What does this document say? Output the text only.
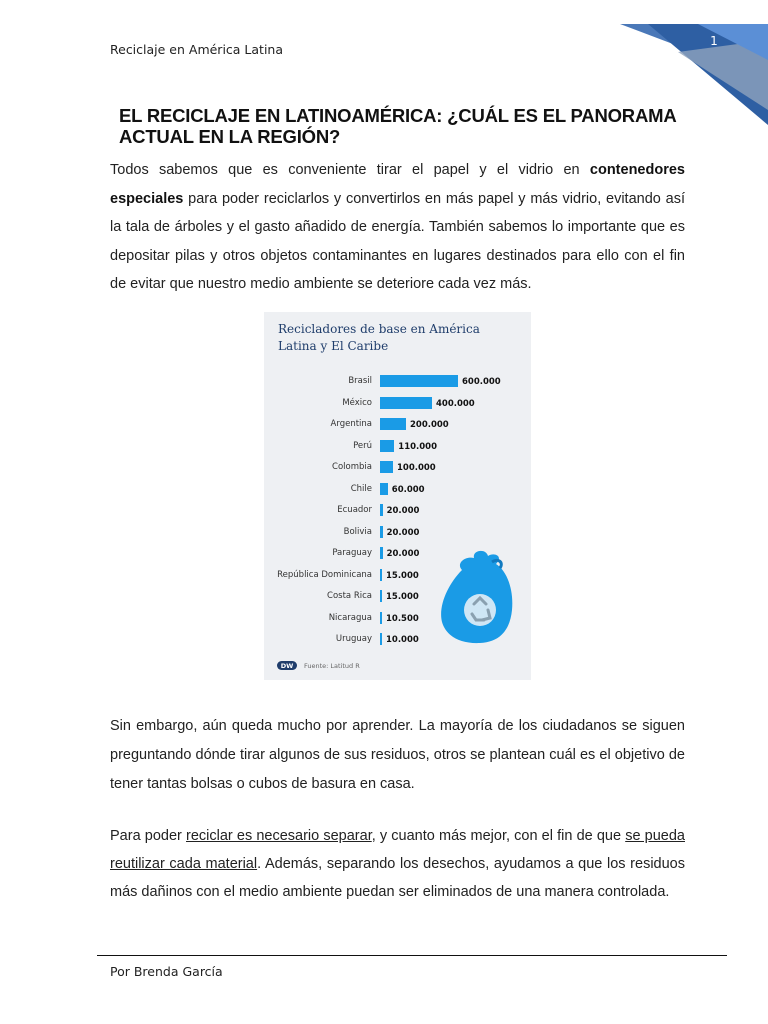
Reciclaje en América Latina
1
EL RECICLAJE EN LATINOAMÉRICA: ¿CUÁL ES EL PANORAMA ACTUAL EN LA REGIÓN?

Todos sabemos que es conveniente tirar el papel y el vidrio en contenedores especiales para poder reciclarlos y convertirlos en más papel y más vidrio, evitando así la tala de árboles y el gasto añadido de energía. También sabemos lo importante que es depositar pilas y otros objetos contaminantes en lugares destinados para ello con el fin de evitar que nuestro medio ambiente se deteriore cada vez más.

Recicladores de base en América Latina y El Caribe
Brasil	600.000
México	400.000
Argentina	200.000
Perú	110.000
Colombia	100.000
Chile 60.000
Ecuador 20.000
Bolivia 20.000
Paraguay 20.000
República Dominicana 15.000
Costa Rica 15.000
Nicaragua 10.500
Uruguay 10.000
DW Fuente: Latitud R

Sin embargo, aún queda mucho por aprender. La mayoría de los ciudadanos se siguen preguntando dónde tirar algunos de sus residuos, otros se plantean cuál es el objetivo de tener tantas bolsas o cubos de basura en casa.

Para poder reciclar es necesario separar, y cuanto más mejor, con el fin de que se pueda reutilizar cada material. Además, separando los desechos, ayudamos a que los residuos más dañinos con el medio ambiente puedan ser eliminados de una manera controlada.

Por Brenda García
